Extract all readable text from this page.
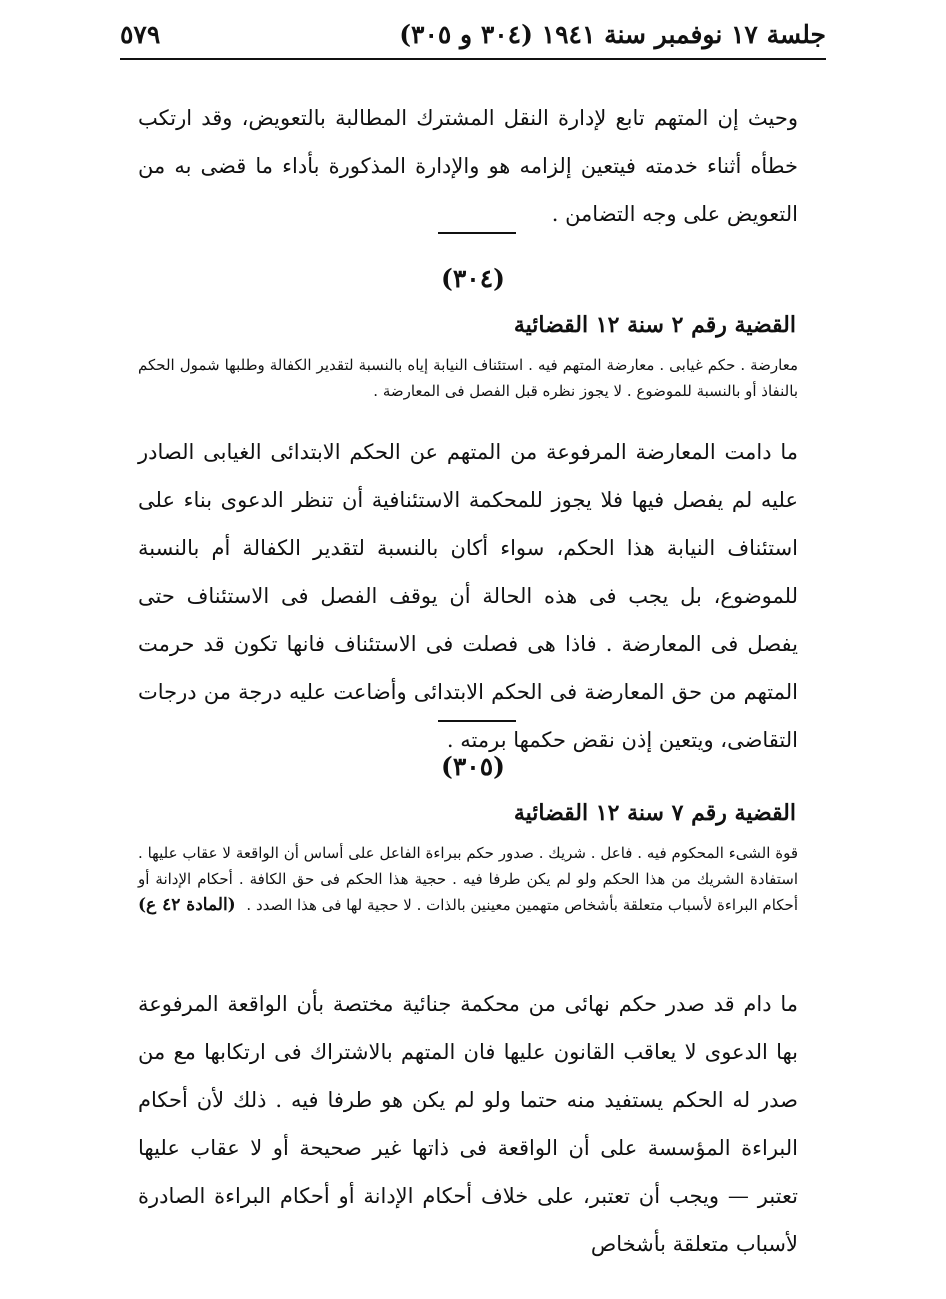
جلسة ١٧ نوفمبر سنة ١٩٤١ (٣٠٤ و ٣٠٥)
٥٧٩

وحيث إن المتهم تابع لإدارة النقل المشترك المطالبة بالتعويض، وقد ارتكب خطأه أثناء خدمته فيتعين إلزامه هو والإدارة المذكورة بأداء ما قضى به من التعويض على وجه التضامن .

(٣٠٤)
القضية رقم ٢ سنة ١٢ القضائية

معارضة . حكم غيابى . معارضة المتهم فيه . استئناف النيابة إياه بالنسبة لتقدير الكفالة وطلبها شمول الحكم بالنفاذ أو بالنسبة للموضوع . لا يجوز نظره قبل الفصل فى المعارضة .

ما دامت المعارضة المرفوعة من المتهم عن الحكم الابتدائى الغيابى الصادر عليه لم يفصل فيها فلا يجوز للمحكمة الاستئنافية أن تنظر الدعوى بناء على استئناف النيابة هذا الحكم، سواء أكان بالنسبة لتقدير الكفالة أم بالنسبة للموضوع، بل يجب فى هذه الحالة أن يوقف الفصل فى الاستئناف حتى يفصل فى المعارضة . فاذا هى فصلت فى الاستئناف فانها تكون قد حرمت المتهم من حق المعارضة فى الحكم الابتدائى وأضاعت عليه درجة من درجات التقاضى، ويتعين إذن نقض حكمها برمته .

(٣٠٥)
القضية رقم ٧ سنة ١٢ القضائية
قوة الشىء المحكوم فيه . فاعل . شريك . صدور حكم ببراءة الفاعل على أساس أن الواقعة لا عقاب عليها . استفادة الشريك من هذا الحكم ولو لم يكن طرفا فيه . حجية هذا الحكم فى حق الكافة . أحكام الإدانة أو أحكام البراءة لأسباب متعلقة بأشخاص متهمين معينين بالذات . لا حجية لها فى هذا الصدد .
(المادة ٤٢ ع)

ما دام قد صدر حكم نهائى من محكمة جنائية مختصة بأن الواقعة المرفوعة بها الدعوى لا يعاقب القانون عليها فان المتهم بالاشتراك فى ارتكابها مع من صدر له الحكم يستفيد منه حتما ولو لم يكن هو طرفا فيه . ذلك لأن أحكام البراءة المؤسسة على أن الواقعة فى ذاتها غير صحيحة أو لا عقاب عليها تعتبر — ويجب أن تعتبر، على خلاف أحكام الإدانة أو أحكام البراءة الصادرة لأسباب متعلقة بأشخاص
